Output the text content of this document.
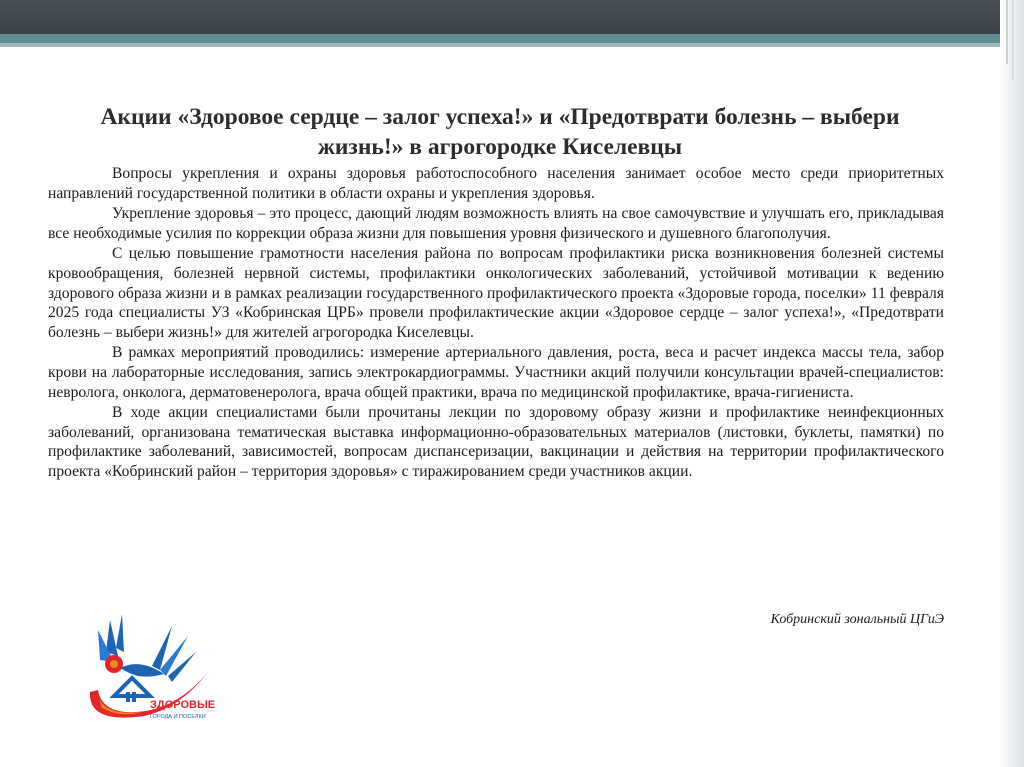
Акции «Здоровое сердце – залог успеха!» и «Предотврати болезнь – выбери жизнь!» в агрогородке Киселевцы

Вопросы укрепления и охраны здоровья работоспособного населения занимает особое место среди приоритетных направлений государственной политики в области охраны и укрепления здоровья.

Укрепление здоровья – это процесс, дающий людям возможность влиять на свое самочувствие и улучшать его, прикладывая все необходимые усилия по коррекции образа жизни для повышения уровня физического и душевного благополучия.

С целью повышение грамотности населения района по вопросам профилактики риска возникновения болезней системы кровообращения, болезней нервной системы, профилактики онкологических заболеваний, устойчивой мотивации к ведению здорового образа жизни и в рамках реализации государственного профилактического проекта «Здоровые города, поселки» 11 февраля 2025 года специалисты УЗ «Кобринская ЦРБ» провели профилактические акции «Здоровое сердце – залог успеха!», «Предотврати болезнь – выбери жизнь!» для жителей агрогородка Киселевцы.

В рамках мероприятий проводились: измерение артериального давления, роста, веса и расчет индекса массы тела, забор крови на лабораторные исследования, запись электрокардиограммы. Участники акций получили консультации врачей-специалистов: невролога, онколога, дерматовенеролога, врача общей практики, врача по медицинской профилактике, врача-гигиениста.

В ходе акции специалистами были прочитаны лекции по здоровому образу жизни и профилактике неинфекционных заболеваний, организована тематическая выставка информационно-образовательных материалов (листовки, буклеты, памятки) по профилактике заболеваний, зависимостей, вопросам диспансеризации, вакцинации и действия на территории профилактического проекта «Кобринский район – территория здоровья» с тиражированием среди участников акции.

Кобринский зональный ЦГиЭ
ЗДОРОВЫЕ
ГОРОДА И ПОСЕЛКИ
